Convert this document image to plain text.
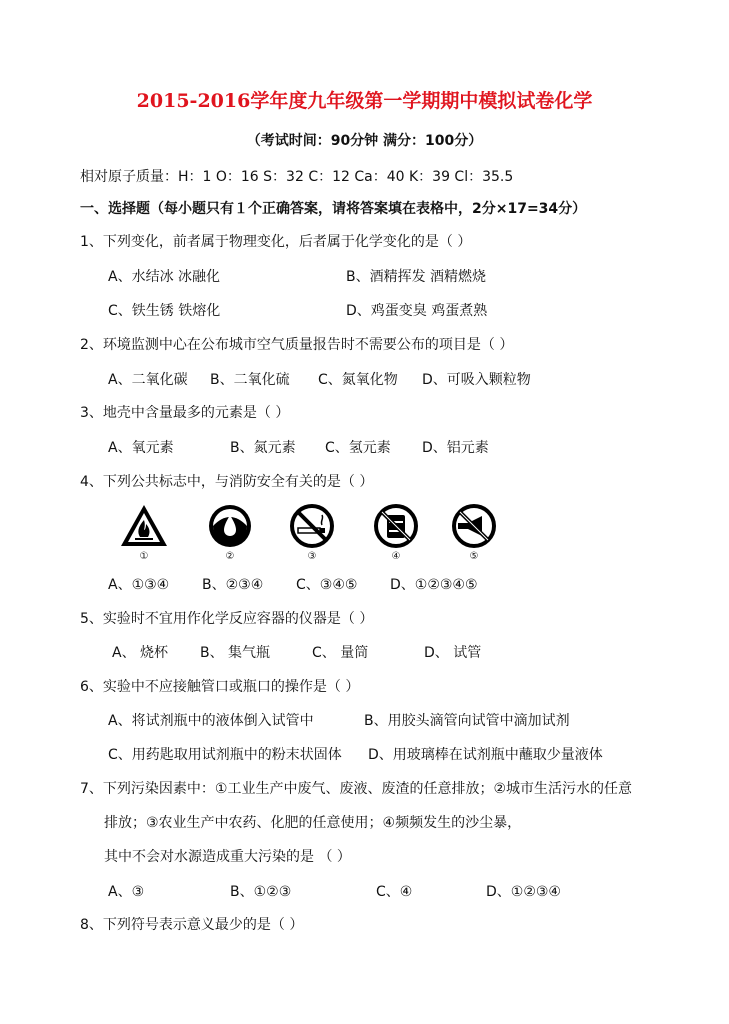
2015-2016学年度九年级第一学期期中模拟试卷化学
（考试时间：90分钟 满分：100分）
相对原子质量：H：1 O：16 S：32 C：12 Ca：40 K：39 Cl：35.5
一、选择题（每小题只有１个正确答案，请将答案填在表格中，2分×17=34分）
1、下列变化，前者属于物理变化，后者属于化学变化的是（ ）
A、水结冰 冰融化	B、酒精挥发 酒精燃烧
C、铁生锈 铁熔化	D、鸡蛋变臭 鸡蛋煮熟
2、环境监测中心在公布城市空气质量报告时不需要公布的项目是（ ）
A、二氧化碳 B、二氧化硫 C、氮氧化物 D、可吸入颗粒物
3、地壳中含量最多的元素是（ ）
A、氧元素	B、氮元素 C、氢元素 D、铝元素
4、下列公共标志中，与消防安全有关的是（ ）
①	②	③	④	⑤
A、①③④ B、②③④ C、③④⑤ D、①②③④⑤
5、实验时不宜用作化学反应容器的仪器是（ ）
A、 烧杯 B、 集气瓶	C、 量筒	D、 试管
6、实验中不应接触管口或瓶口的操作是（ ）
A、将试剂瓶中的液体倒入试管中	B、用胶头滴管向试管中滴加试剂
C、用药匙取用试剂瓶中的粉末状固体 D、用玻璃棒在试剂瓶中蘸取少量液体
7、下列污染因素中：①工业生产中废气、废液、废渣的任意排放；②城市生活污水的任意
排放；③农业生产中农药、化肥的任意使用；④频频发生的沙尘暴，
其中不会对水源造成重大污染的是 （ ）
A、③	B、①②③	C、④	D、①②③④
8、下列符号表示意义最少的是（ ）
